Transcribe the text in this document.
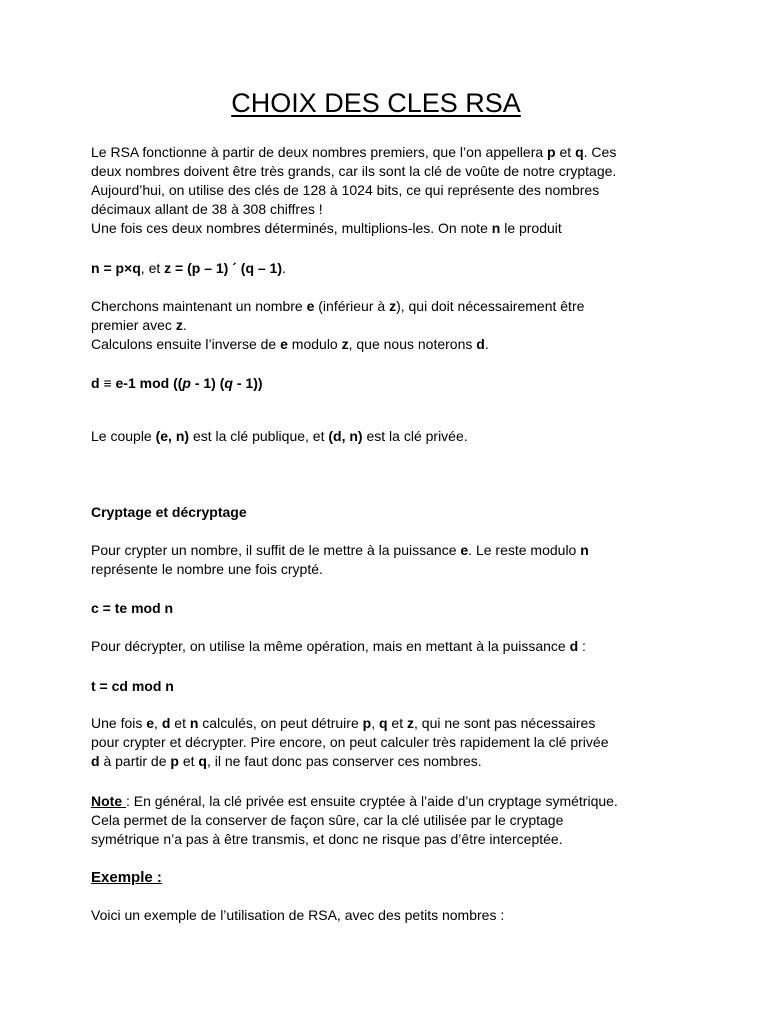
CHOIX DES CLES RSA

Le RSA fonctionne à partir de deux nombres premiers, que l’on appellera p et q. Ces
deux nombres doivent être très grands, car ils sont la clé de voûte de notre cryptage.
Aujourd’hui, on utilise des clés de 128 à 1024 bits, ce qui représente des nombres
décimaux allant de 38 à 308 chiffres !
Une fois ces deux nombres déterminés, multiplions-les. On note n le produit

n = p×q, et z = (p – 1) ´ (q – 1).

Cherchons maintenant un nombre e (inférieur à z), qui doit nécessairement être
premier avec z.
Calculons ensuite l’inverse de e modulo z, que nous noterons d.

d ≡ e-1 mod ((p - 1) (q - 1))

Le couple (e, n) est la clé publique, et (d, n) est la clé privée.

Cryptage et décryptage

Pour crypter un nombre, il suffit de le mettre à la puissance e. Le reste modulo n
représente le nombre une fois crypté.

c = te mod n

Pour décrypter, on utilise la même opération, mais en mettant à la puissance d :

t = cd mod n

Une fois e, d et n calculés, on peut détruire p, q et z, qui ne sont pas nécessaires
pour crypter et décrypter. Pire encore, on peut calculer très rapidement la clé privée
d à partir de p et q, il ne faut donc pas conserver ces nombres.

Note : En général, la clé privée est ensuite cryptée à l’aide d’un cryptage symétrique.
Cela permet de la conserver de façon sûre, car la clé utilisée par le cryptage
symétrique n’a pas à être transmis, et donc ne risque pas d’être interceptée.

Exemple :

Voici un exemple de l’utilisation de RSA, avec des petits nombres :
